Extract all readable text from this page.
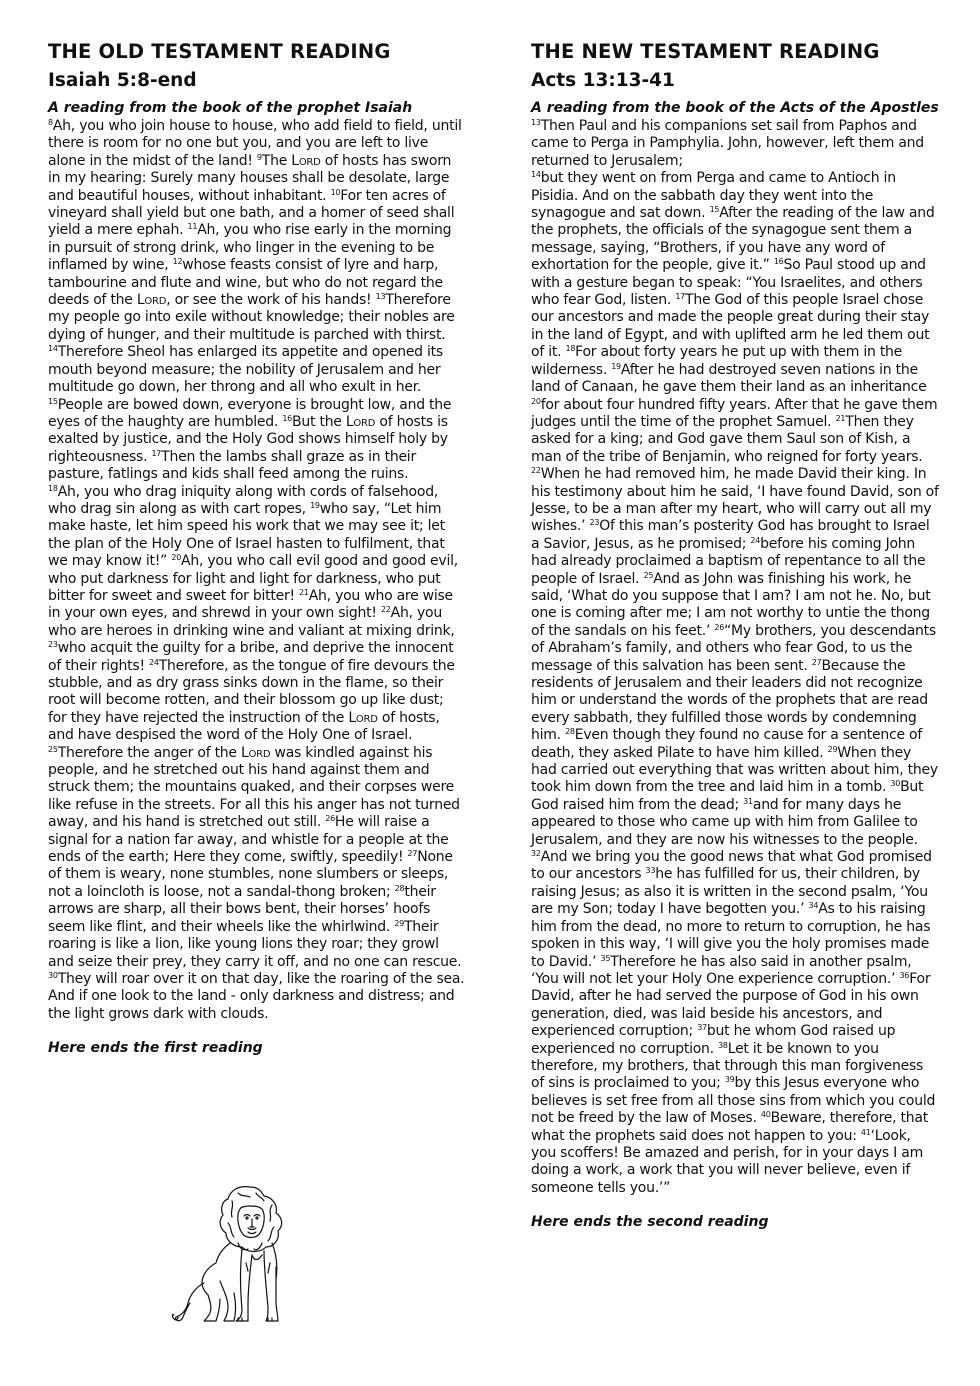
THE OLD TESTAMENT READING
Isaiah 5:8-end
A reading from the book of the prophet Isaiah

$^8$Ah, you who join house to house, who add field to field, until there is room for no one but you, and you are left to live alone in the midst of the land! $^9$The Lord of hosts has sworn in my hearing: Surely many houses shall be desolate, large and beautiful houses, without inhabitant. $^{10}$For ten acres of vineyard shall yield but one bath, and a homer of seed shall yield a mere ephah. $^{11}$Ah, you who rise early in the morning in pursuit of strong drink, who linger in the evening to be inflamed by wine, $^{12}$whose feasts consist of lyre and harp, tambourine and flute and wine, but who do not regard the deeds of the Lord, or see the work of his hands! $^{13}$Therefore my people go into exile without knowledge; their nobles are dying of hunger, and their multitude is parched with thirst. $^{14}$Therefore Sheol has enlarged its appetite and opened its mouth beyond measure; the nobility of Jerusalem and her multitude go down, her throng and all who exult in her. $^{15}$People are bowed down, everyone is brought low, and the eyes of the haughty are humbled. $^{16}$But the Lord of hosts is exalted by justice, and the Holy God shows himself holy by righteousness. $^{17}$Then the lambs shall graze as in their pasture, fatlings and kids shall feed among the ruins.

$^{18}$Ah, you who drag iniquity along with cords of falsehood, who drag sin along as with cart ropes, $^{19}$who say, “Let him make haste, let him speed his work that we may see it; let the plan of the Holy One of Israel hasten to fulfilment, that we may know it!” $^{20}$Ah, you who call evil good and good evil, who put darkness for light and light for darkness, who put bitter for sweet and sweet for bitter! $^{21}$Ah, you who are wise in your own eyes, and shrewd in your own sight! $^{22}$Ah, you who are heroes in drinking wine and valiant at mixing drink, $^{23}$who acquit the guilty for a bribe, and deprive the innocent of their rights! $^{24}$Therefore, as the tongue of fire devours the stubble, and as dry grass sinks down in the flame, so their root will become rotten, and their blossom go up like dust; for they have rejected the instruction of the Lord of hosts, and have despised the word of the Holy One of Israel. $^{25}$Therefore the anger of the Lord was kindled against his people, and he stretched out his hand against them and struck them; the mountains quaked, and their corpses were like refuse in the streets. For all this his anger has not turned away, and his hand is stretched out still. $^{26}$He will raise a signal for a nation far away, and whistle for a people at the ends of the earth; Here they come, swiftly, speedily! $^{27}$None of them is weary, none stumbles, none slumbers or sleeps, not a loincloth is loose, not a sandal-thong broken; $^{28}$their arrows are sharp, all their bows bent, their horses’ hoofs seem like flint, and their wheels like the whirlwind. $^{29}$Their roaring is like a lion, like young lions they roar; they growl and seize their prey, they carry it off, and no one can rescue. $^{30}$They will roar over it on that day, like the roaring of the sea. And if one look to the land - only darkness and distress; and the light grows dark with clouds.

Here ends the first reading
THE NEW TESTAMENT READING
Acts 13:13-41
A reading from the book of the Acts of the Apostles

$^{13}$Then Paul and his companions set sail from Paphos and came to Perga in Pamphylia. John, however, left them and returned to Jerusalem;

$^{14}$but they went on from Perga and came to Antioch in Pisidia. And on the sabbath day they went into the synagogue and sat down. $^{15}$After the reading of the law and the prophets, the officials of the synagogue sent them a message, saying, “Brothers, if you have any word of exhortation for the people, give it.” $^{16}$So Paul stood up and with a gesture began to speak: “You Israelites, and others who fear God, listen. $^{17}$The God of this people Israel chose our ancestors and made the people great during their stay in the land of Egypt, and with uplifted arm he led them out of it. $^{18}$For about forty years he put up with them in the wilderness. $^{19}$After he had destroyed seven nations in the land of Canaan, he gave them their land as an inheritance $^{20}$for about four hundred fifty years. After that he gave them judges until the time of the prophet Samuel. $^{21}$Then they asked for a king; and God gave them Saul son of Kish, a man of the tribe of Benjamin, who reigned for forty years. $^{22}$When he had removed him, he made David their king. In his testimony about him he said, ‘I have found David, son of Jesse, to be a man after my heart, who will carry out all my wishes.’ $^{23}$Of this man’s posterity God has brought to Israel a Savior, Jesus, as he promised; $^{24}$before his coming John had already proclaimed a baptism of repentance to all the people of Israel. $^{25}$And as John was finishing his work, he said, ‘What do you suppose that I am? I am not he. No, but one is coming after me; I am not worthy to untie the thong of the sandals on his feet.’ $^{26}$“My brothers, you descendants of Abraham’s family, and others who fear God, to us the message of this salvation has been sent. $^{27}$Because the residents of Jerusalem and their leaders did not recognize him or understand the words of the prophets that are read every sabbath, they fulfilled those words by condemning him. $^{28}$Even though they found no cause for a sentence of death, they asked Pilate to have him killed. $^{29}$When they had carried out everything that was written about him, they took him down from the tree and laid him in a tomb. $^{30}$But God raised him from the dead; $^{31}$and for many days he appeared to those who came up with him from Galilee to Jerusalem, and they are now his witnesses to the people. $^{32}$And we bring you the good news that what God promised to our ancestors $^{33}$he has fulfilled for us, their children, by raising Jesus; as also it is written in the second psalm, ‘You are my Son; today I have begotten you.’ $^{34}$As to his raising him from the dead, no more to return to corruption, he has spoken in this way, ‘I will give you the holy promises made to David.’ $^{35}$Therefore he has also said in another psalm, ‘You will not let your Holy One experience corruption.’ $^{36}$For David, after he had served the purpose of God in his own generation, died, was laid beside his ancestors, and experienced corruption; $^{37}$but he whom God raised up experienced no corruption. $^{38}$Let it be known to you therefore, my brothers, that through this man forgiveness of sins is proclaimed to you; $^{39}$by this Jesus everyone who believes is set free from all those sins from which you could not be freed by the law of Moses. $^{40}$Beware, therefore, that what the prophets said does not happen to you: $^{41}$‘Look, you scoffers! Be amazed and perish, for in your days I am doing a work, a work that you will never believe, even if someone tells you.’”

Here ends the second reading
